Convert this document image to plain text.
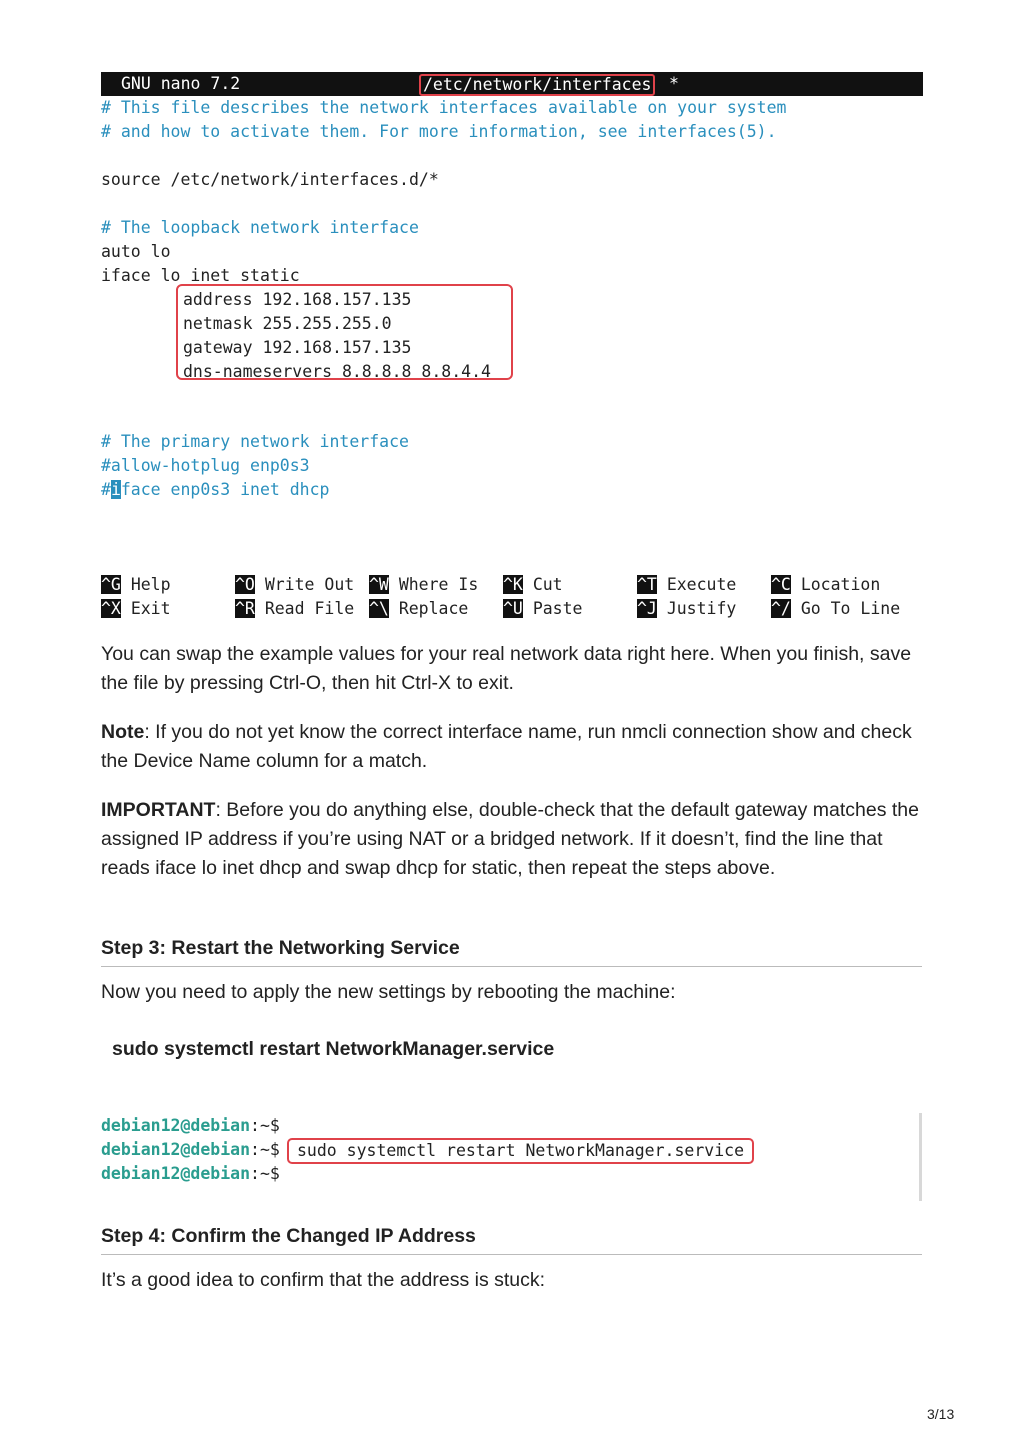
GNU nano 7.2

	/etc/network/interfaces

*

# This file describes the network interfaces available on your system
# and how to activate them. For more information, see interfaces(5).
source /etc/network/interfaces.d/*
# The loopback network interface
auto lo
iface lo inet static
address 192.168.157.135
netmask 255.255.255.0
gateway 192.168.157.135
dns-nameservers 8.8.8.8 8.8.4.4
# The primary network interface
#allow-hotplug enp0s3
#iface enp0s3 inet dhcp
^G Help
^X Exit
^O Write Out
^R Read File
^W Where Is
^\ Replace
^K Cut
^U Paste
^T Execute
^J Justify
^C Location
^/ Go To Line

You can swap the example values for your real network data right here. When you finish, save the file by pressing Ctrl-O, then hit Ctrl-X to exit.

Note: If you do not yet know the correct interface name, run nmcli connection show and check the Device Name column for a match.

IMPORTANT: Before you do anything else, double-check that the default gateway matches the assigned IP address if you’re using NAT or a bridged network. If it doesn’t, find the line that reads iface lo inet dhcp and swap dhcp for static, then repeat the steps above.

Step 3: Restart the Networking Service

Now you need to apply the new settings by rebooting the machine:

sudo systemctl restart NetworkManager.service
debian12@debian:~$
debian12@debian:~$	sudo systemctl restart NetworkManager.service
debian12@debian:~$
Step 4: Confirm the Changed IP Address

It’s a good idea to confirm that the address is stuck:

3/13
